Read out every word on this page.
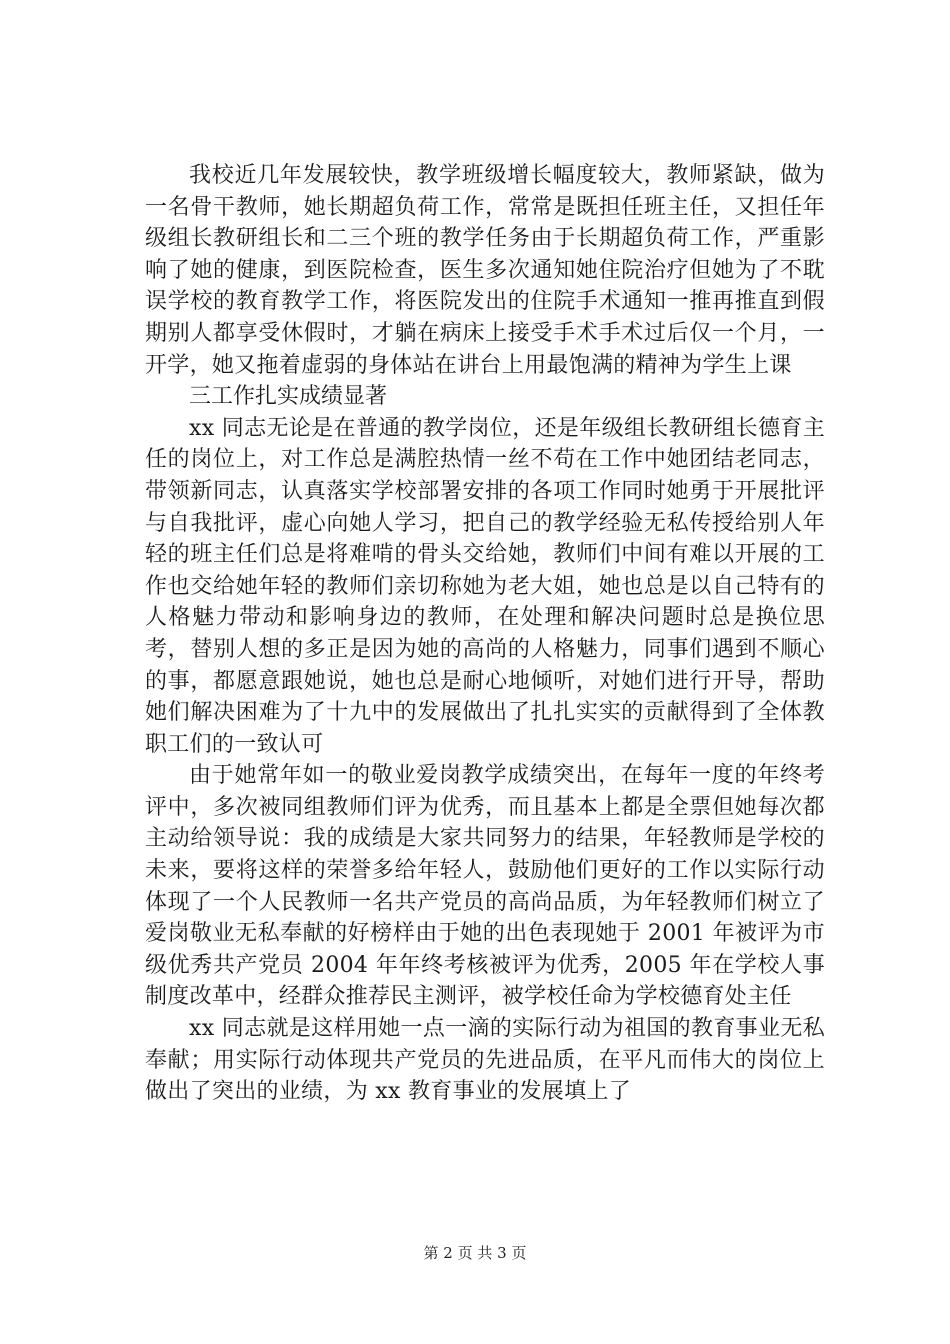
我校近几年发展较快，教学班级增长幅度较大，教师紧缺，做为一名骨干教师，她长期超负荷工作，常常是既担任班主任，又担任年级组长教研组长和二三个班的教学任务由于长期超负荷工作，严重影响了她的健康，到医院检查，医生多次通知她住院治疗但她为了不耽误学校的教育教学工作，将医院发出的住院手术通知一推再推直到假期别人都享受休假时，才躺在病床上接受手术手术过后仅一个月，一开学，她又拖着虚弱的身体站在讲台上用最饱满的精神为学生上课

三工作扎实成绩显著

xx 同志无论是在普通的教学岗位，还是年级组长教研组长德育主任的岗位上，对工作总是满腔热情一丝不苟在工作中她团结老同志，带领新同志，认真落实学校部署安排的各项工作同时她勇于开展批评与自我批评，虚心向她人学习，把自己的教学经验无私传授给别人年轻的班主任们总是将难啃的骨头交给她，教师们中间有难以开展的工作也交给她年轻的教师们亲切称她为老大姐，她也总是以自己特有的人格魅力带动和影响身边的教师，在处理和解决问题时总是换位思考，替别人想的多正是因为她的高尚的人格魅力，同事们遇到不顺心的事，都愿意跟她说，她也总是耐心地倾听，对她们进行开导，帮助她们解决困难为了十九中的发展做出了扎扎实实的贡献得到了全体教职工们的一致认可

由于她常年如一的敬业爱岗教学成绩突出，在每年一度的年终考评中，多次被同组教师们评为优秀，而且基本上都是全票但她每次都主动给领导说：我的成绩是大家共同努力的结果，年轻教师是学校的未来，要将这样的荣誉多给年轻人，鼓励他们更好的工作以实际行动体现了一个人民教师一名共产党员的高尚品质，为年轻教师们树立了爱岗敬业无私奉献的好榜样由于她的出色表现她于 2001 年被评为市级优秀共产党员 2004 年年终考核被评为优秀，2005 年在学校人事制度改革中，经群众推荐民主测评，被学校任命为学校德育处主任

xx 同志就是这样用她一点一滴的实际行动为祖国的教育事业无私奉献；用实际行动体现共产党员的先进品质，在平凡而伟大的岗位上做出了突出的业绩，为 xx 教育事业的发展填上了

第 2 页 共 3 页
